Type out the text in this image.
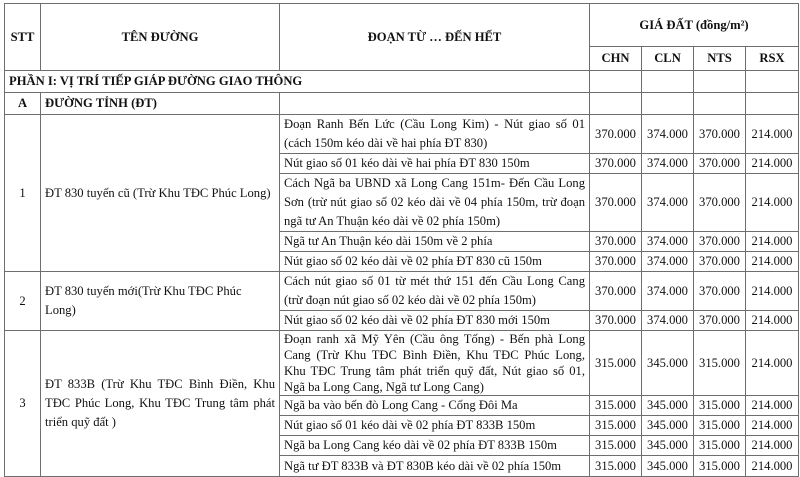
STT	TÊN ĐƯỜNG	ĐOẠN TỪ … ĐẾN HẾT	GIÁ ĐẤT (đồng/m²)			
			CHN	CLN	NTS	RSX
PHẦN I: VỊ TRÍ TIẾP GIÁP ĐƯỜNG GIAO THÔNG						
A	ĐƯỜNG TỈNH (ĐT)					
1	ĐT 830 tuyến cũ (Trừ Khu TĐC Phúc Long)	Đoạn Ranh Bến Lức (Cầu Long Kim) - Nút giao số 01 (cách 150m kéo dài về hai phía ĐT 830)	370.000	374.000	370.000	214.000
		Nút giao số 01 kéo dài về hai phía ĐT 830 150m	370.000	374.000	370.000	214.000
		Cách Ngã ba UBND xã Long Cang 151m- Đến Cầu Long Sơn (trừ nút giao số 02 kéo dài về 04 phía 150m, trừ đoạn ngã tư An Thuận kéo dài về 02 phía 150m)	370.000	374.000	370.000	214.000
		Ngã tư An Thuận kéo dài 150m về 2 phía	370.000	374.000	370.000	214.000
		Nút giao số 02 kéo dài về 02 phía ĐT 830 cũ 150m	370.000	374.000	370.000	214.000
2	ĐT 830 tuyến mới(Trừ Khu TĐC Phúc Long)	Cách nút giao số 01 từ mét thứ 151 đến Cầu Long Cang (trừ đoạn nút giao số 02 kéo dài về 02 phía 150m)	370.000	374.000	370.000	214.000
		Nút giao số 02 kéo dài về 02 phía ĐT 830 mới 150m	370.000	374.000	370.000	214.000
3	ĐT 833B (Trừ Khu TĐC Bình Điền, Khu TĐC Phúc Long, Khu TĐC Trung tâm phát triển quỹ đất )	Đoạn ranh xã Mỹ Yên (Cầu ông Tống) - Bến phà Long Cang (Trừ Khu TĐC Bình Điền, Khu TĐC Phúc Long, Khu TĐC Trung tâm phát triển quỹ đất, Nút giao số 01, Ngã ba Long Cang, Ngã tư Long Cang)	315.000	345.000	315.000	214.000
		Ngã ba vào bến đò Long Cang - Cống Đôi Ma	315.000	345.000	315.000	214.000
		Nút giao số 01 kéo dài về 02 phía ĐT 833B 150m	315.000	345.000	315.000	214.000
		Ngã ba Long Cang kéo dài về 02 phía ĐT 833B 150m	315.000	345.000	315.000	214.000
		Ngã tư ĐT 833B và ĐT 830B kéo dài về 02 phía 150m	315.000	345.000	315.000	214.000
